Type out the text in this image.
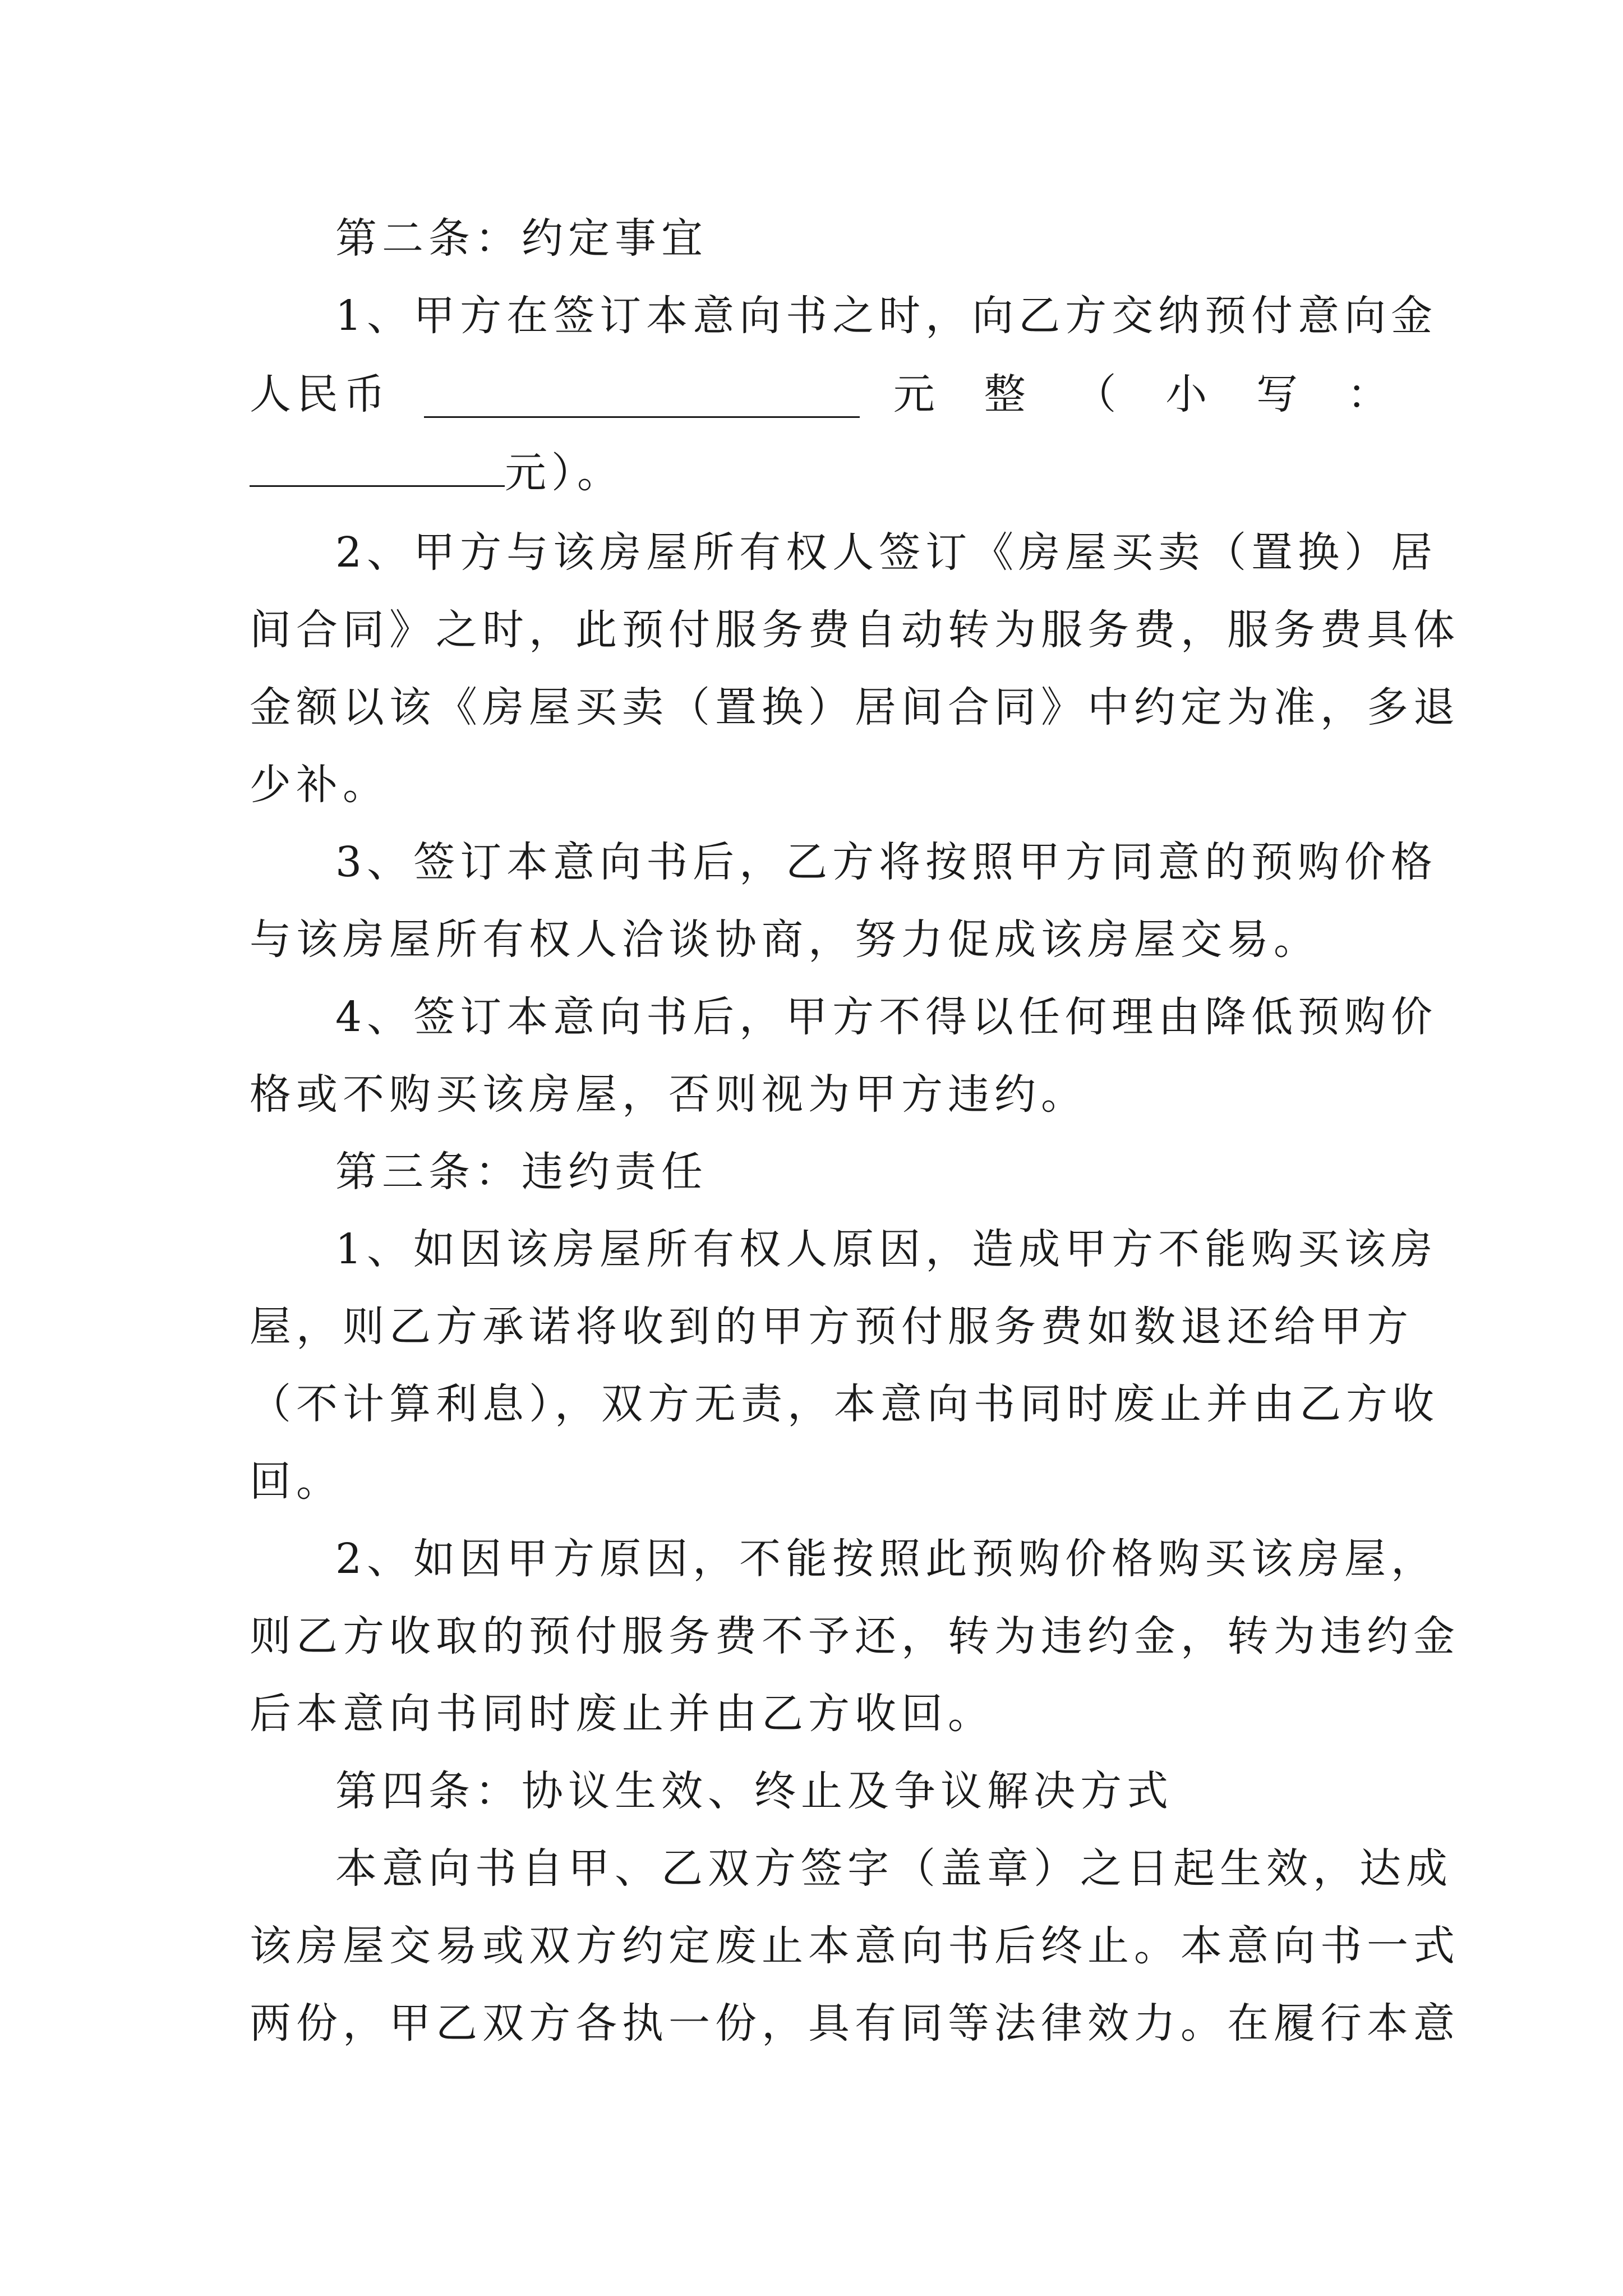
第二条：约定事宜
1、甲方在签订本意向书之时，向乙方交纳预付意向金
人 民 币	元 整 （ 小 写 ：
元）。
2、甲方与该房屋所有权人签订《房屋买卖（置换）居
间合同》之时，此预付服务费自动转为服务费，服务费具体
金额以该《房屋买卖（置换）居间合同》中约定为准，多退
少补。
3、签订本意向书后，乙方将按照甲方同意的预购价格
与该房屋所有权人洽谈协商，努力促成该房屋交易。
4、签订本意向书后，甲方不得以任何理由降低预购价
格或不购买该房屋，否则视为甲方违约。
第三条：违约责任
1、如因该房屋所有权人原因，造成甲方不能购买该房
屋，则乙方承诺将收到的甲方预付服务费如数退还给甲方
（不计算利息），双方无责，本意向书同时废止并由乙方收
回。
2、如因甲方原因，不能按照此预购价格购买该房屋，
则乙方收取的预付服务费不予还，转为违约金，转为违约金
后本意向书同时废止并由乙方收回。
第四条：协议生效、终止及争议解决方式
本意向书自甲、乙双方签字（盖章）之日起生效，达成
该房屋交易或双方约定废止本意向书后终止。本意向书一式
两份，甲乙双方各执一份，具有同等法律效力。在履行本意
